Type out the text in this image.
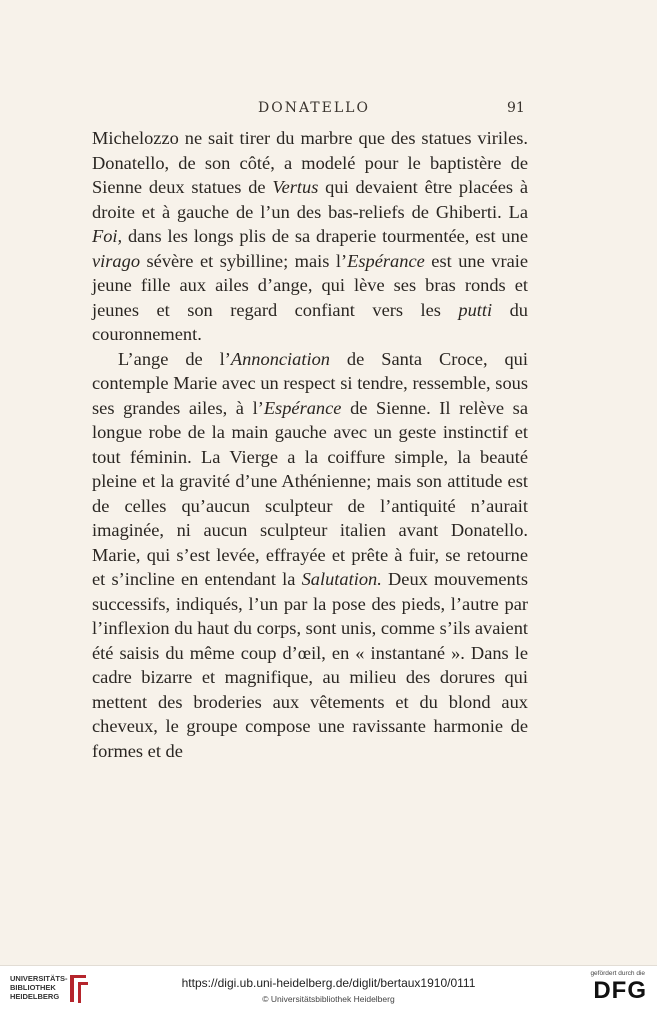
DONATELLO	91

Michelozzo ne sait tirer du marbre que des statues viriles. Donatello, de son côté, a modelé pour le baptistère de Sienne deux statues de Vertus qui devaient être placées à droite et à gauche de l’un des bas-reliefs de Ghiberti. La Foi, dans les longs plis de sa draperie tourmentée, est une virago sévère et sybilline; mais l’Espérance est une vraie jeune fille aux ailes d’ange, qui lève ses bras ronds et jeunes et son regard confiant vers les putti du couronnement.

L’ange de l’Annonciation de Santa Croce, qui contemple Marie avec un respect si tendre, ressemble, sous ses grandes ailes, à l’Espérance de Sienne. Il relève sa longue robe de la main gauche avec un geste instinctif et tout féminin. La Vierge a la coiffure simple, la beauté pleine et la gravité d’une Athénienne; mais son attitude est de celles qu’aucun sculpteur de l’antiquité n’aurait imaginée, ni aucun sculpteur italien avant Donatello. Marie, qui s’est levée, effrayée et prête à fuir, se retourne et s’incline en entendant la Salutation. Deux mouvements successifs, indiqués, l’un par la pose des pieds, l’autre par l’inflexion du haut du corps, sont unis, comme s’ils avaient été saisis du même coup d’œil, en « instantané ». Dans le cadre bizarre et magnifique, au milieu des dorures qui mettent des broderies aux vêtements et du blond aux cheveux, le groupe compose une ravissante harmonie de formes et de

UNIVERSITÄTS-
BIBLIOTHEK
HEIDELBERG
https://digi.ub.uni-heidelberg.de/diglit/bertaux1910/0111
© Universitätsbibliothek Heidelberg
gefördert durch die
DFG
